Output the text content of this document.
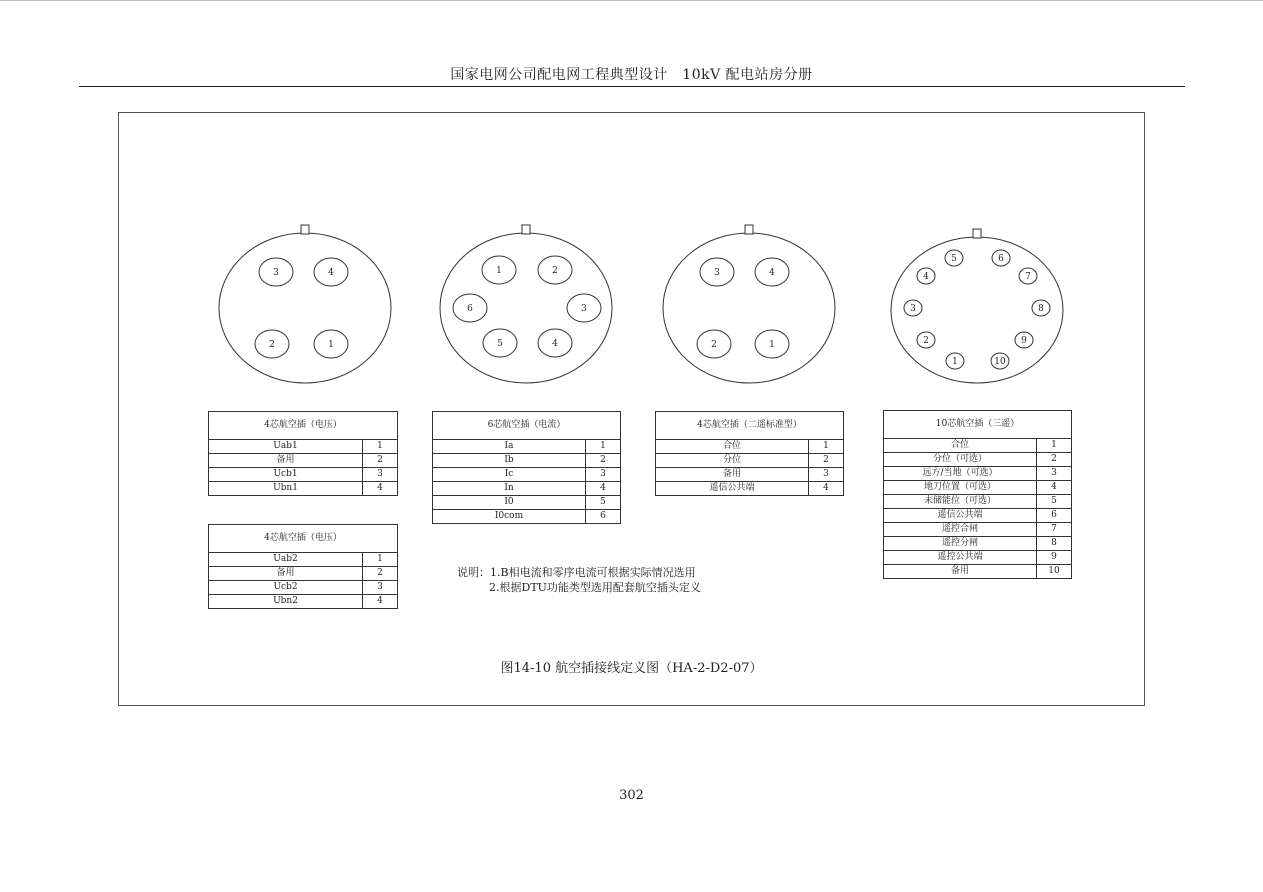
国家电网公司配电网工程典型设计　10kV 配电站房分册
3	4
2	1
1	2
6	3
5	4
3	4
2	1
5	6
4	7
3	8
2	9
1	10
4芯航空插（电压）	
Uab1	1
备用	2
Ucb1	3
Ubn1	4
4芯航空插（电压）	
Uab2	1
备用	2
Ucb2	3
Ubn2	4
6芯航空插（电流）	
Ia	1
Ib	2
Ic	3
In	4
I0	5
I0com	6
4芯航空插（二遥标准型）	
合位	1
分位	2
备用	3
遥信公共端	4
10芯航空插（三遥）	
合位	1
分位（可选）	2
远方/当地（可选）	3
地刀位置（可选）	4
未储能位（可选）	5
遥信公共端	6
遥控合闸	7
遥控分闸	8
遥控公共端	9
备用	10
说明：1.B相电流和零序电流可根据实际情况选用
2.根据DTU功能类型选用配套航空插头定义
图14-10 航空插接线定义图（HA-2-D2-07）
302
